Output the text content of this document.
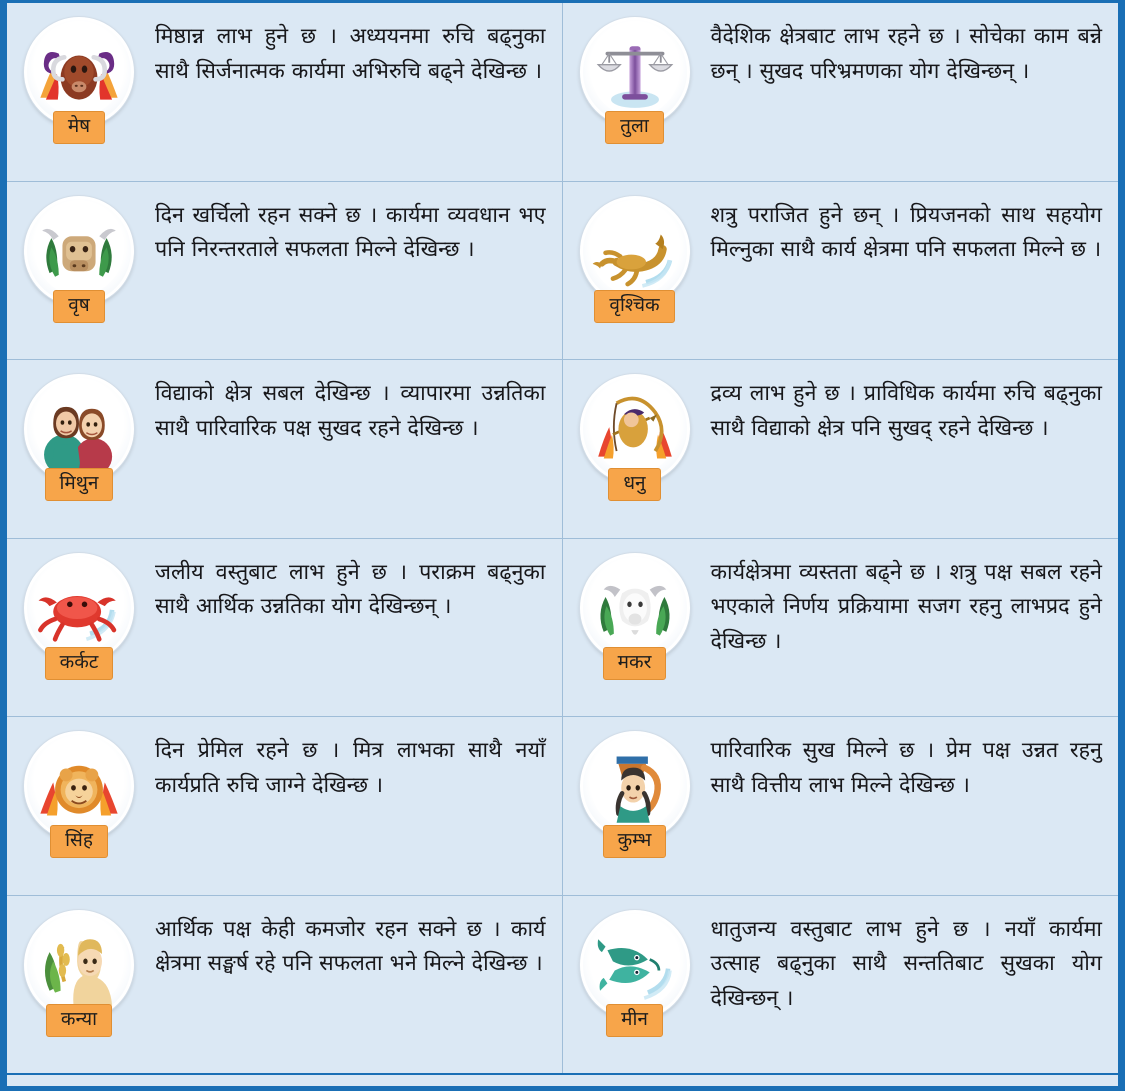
मेष
मिष्ठान्न लाभ हुने छ । अध्ययनमा रुचि बढ्नुका साथै सिर्जनात्मक कार्यमा अभिरुचि बढ्ने देखिन्छ ।
तुला
वैदेशिक क्षेत्रबाट लाभ रहने छ । सोचेका काम बन्ने छन् । सुखद परिभ्रमणका योग देखिन्छन् ।
वृष
दिन खर्चिलो रहन सक्ने छ । कार्यमा व्यवधान भए पनि निरन्तरताले सफलता मिल्ने देखिन्छ ।
वृश्चिक
शत्रु पराजित हुने छन् । प्रियजनको साथ सहयोग मिल्नुका साथै कार्य क्षेत्रमा पनि सफलता मिल्ने छ ।
मिथुन
विद्याको क्षेत्र सबल देखिन्छ । व्यापारमा उन्नतिका साथै पारिवारिक पक्ष सुखद रहने देखिन्छ ।
धनु
द्रव्य लाभ हुने छ । प्राविधिक कार्यमा रुचि बढ्नुका साथै विद्याको क्षेत्र पनि सुखद् रहने देखिन्छ ।
कर्कट
जलीय वस्तुबाट लाभ हुने छ । पराक्रम बढ्नुका साथै आर्थिक उन्नतिका योग देखिन्छन् ।
मकर
कार्यक्षेत्रमा व्यस्तता बढ्ने छ । शत्रु पक्ष सबल रहने भएकाले निर्णय प्रक्रियामा सजग रहनु लाभप्रद हुने देखिन्छ ।
सिंह
दिन प्रेमिल रहने छ । मित्र लाभका साथै नयाँ कार्यप्रति रुचि जाग्ने देखिन्छ ।
कुम्भ
पारिवारिक सुख मिल्ने छ । प्रेम पक्ष उन्नत रहनु साथै वित्तीय लाभ मिल्ने देखिन्छ ।
कन्या
आर्थिक पक्ष केही कमजोर रहन सक्ने छ । कार्य क्षेत्रमा सङ्घर्ष रहे पनि सफलता भने मिल्ने देखिन्छ ।
मीन
धातुजन्य वस्तुबाट लाभ हुने छ । नयाँ कार्यमा उत्साह बढ्नुका साथै सन्ततिबाट सुखका योग देखिन्छन् ।
